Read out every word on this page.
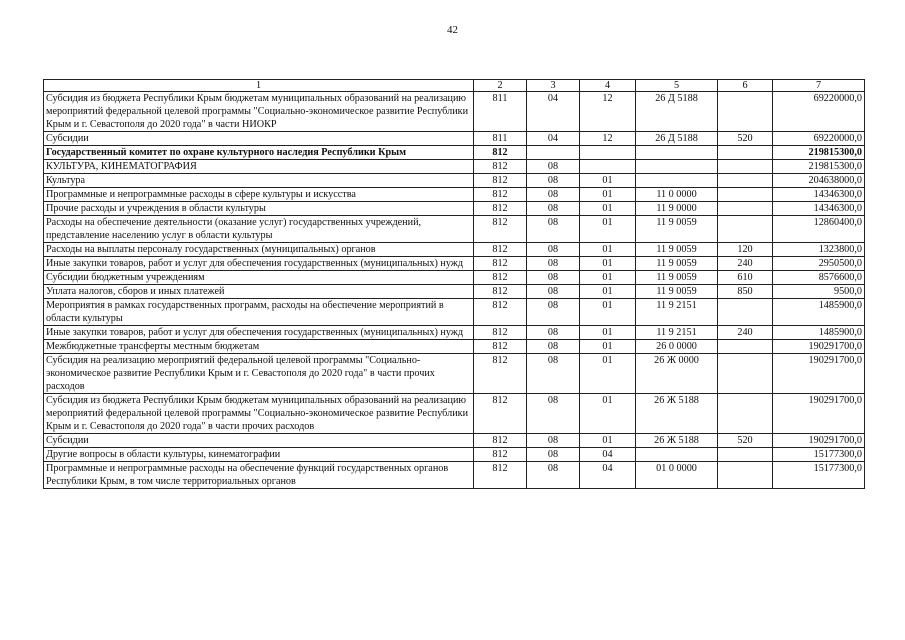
42
1	2	3	4	5	6	7
Субсидия из бюджета Республики Крым бюджетам муниципальных образований на реализацию мероприятий федеральной целевой программы "Социально-экономическое развитие Республики Крым и г. Севастополя до 2020 года" в части НИОКР	811	04	12	26 Д 5188		69220000,0
Субсидии	811	04	12	26 Д 5188	520	69220000,0
Государственный комитет по охране культурного наследия Республики Крым	812					219815300,0
КУЛЬТУРА, КИНЕМАТОГРАФИЯ	812	08				219815300,0
Культура	812	08	01			204638000,0
Программные и непрограммные расходы в сфере культуры и искусства	812	08	01	11 0 0000		14346300,0
Прочие расходы и учреждения в области культуры	812	08	01	11 9 0000		14346300,0
Расходы на обеспечение деятельности (оказание услуг) государственных учреждений, представление населению услуг в области культуры	812	08	01	11 9 0059		12860400,0
Расходы на выплаты персоналу государственных (муниципальных) органов	812	08	01	11 9 0059	120	1323800,0
Иные закупки товаров, работ и услуг для обеспечения государственных (муниципальных) нужд	812	08	01	11 9 0059	240	2950500,0
Субсидии бюджетным учреждениям	812	08	01	11 9 0059	610	8576600,0
Уплата налогов, сборов и иных платежей	812	08	01	11 9 0059	850	9500,0
Мероприятия в рамках государственных программ, расходы на обеспечение мероприятий в области культуры	812	08	01	11 9 2151		1485900,0
Иные закупки товаров, работ и услуг для обеспечения государственных (муниципальных) нужд	812	08	01	11 9 2151	240	1485900,0
Межбюджетные трансферты местным бюджетам	812	08	01	26 0 0000		190291700,0
Субсидия на реализацию мероприятий федеральной целевой программы "Социально-экономическое развитие Республики Крым и г. Севастополя до 2020 года" в части прочих расходов	812	08	01	26 Ж 0000		190291700,0
Субсидия из бюджета Республики Крым бюджетам муниципальных образований на реализацию мероприятий федеральной целевой программы "Социально-экономическое развитие Республики Крым и г. Севастополя до 2020 года" в части прочих расходов	812	08	01	26 Ж 5188		190291700,0
Субсидии	812	08	01	26 Ж 5188	520	190291700,0
Другие вопросы в области культуры, кинематографии	812	08	04			15177300,0
Программные и непрограммные расходы на обеспечение функций государственных органов Республики Крым, в том числе территориальных органов	812	08	04	01 0 0000		15177300,0
